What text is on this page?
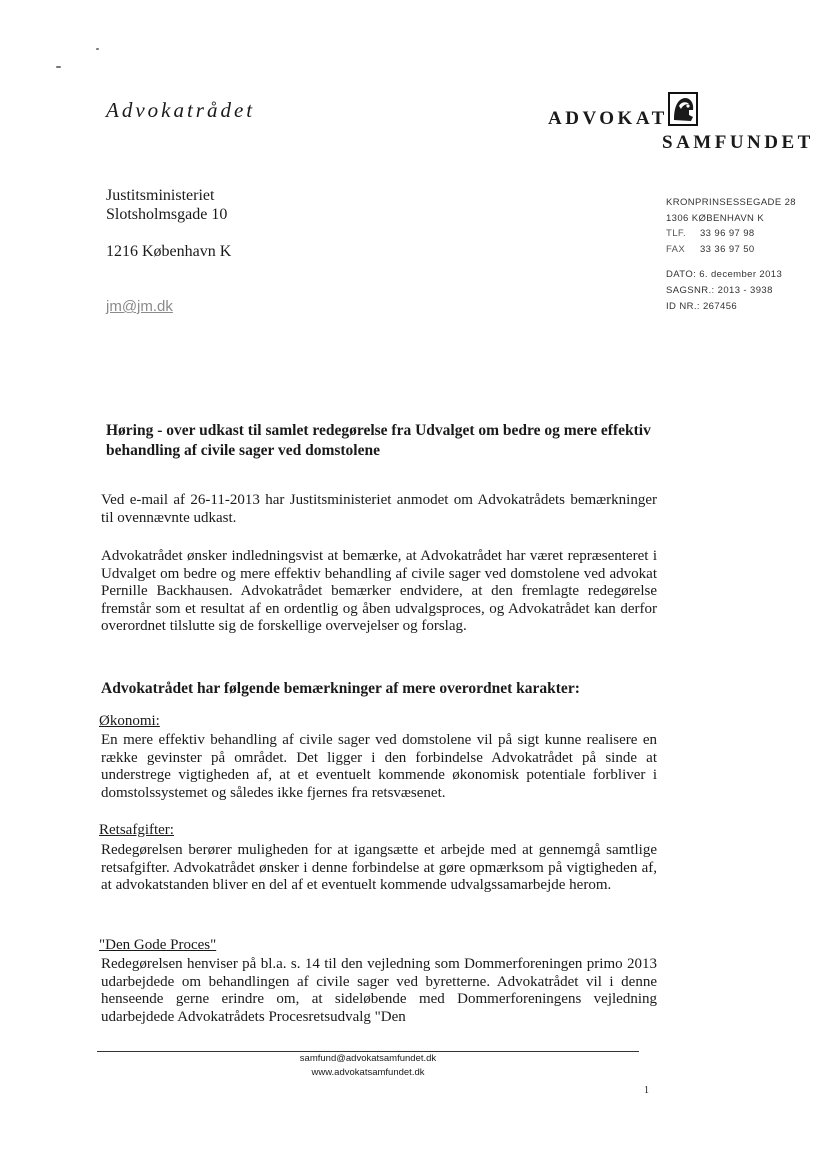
Advokatrådet	ADVOKAT
SAMFUNDET
Justitsministeriet
Slotsholmsgade 10
1216 København K
jm@jm.dk
KRONPRINSESSEGADE 28
1306 KØBENHAVN K
TLF. 33 96 97 98
FAX 33 36 97 50
DATO: 6. december 2013
SAGSNR.: 2013 - 3938
ID NR.: 267456
Høring - over udkast til samlet redegørelse fra Udvalget om bedre og mere effektiv behandling af civile sager ved domstolene
Ved e-mail af 26-11-2013 har Justitsministeriet anmodet om Advokatrådets bemærkninger til ovennævnte udkast.
Advokatrådet ønsker indledningsvist at bemærke, at Advokatrådet har været repræsenteret i Udvalget om bedre og mere effektiv behandling af civile sager ved domstolene ved advokat Pernille Backhausen. Advokatrådet bemærker endvidere, at den fremlagte redegørelse fremstår som et resultat af en ordentlig og åben udvalgsproces, og Advokatrådet kan derfor overordnet tilslutte sig de forskellige overvejelser og forslag.
Advokatrådet har følgende bemærkninger af mere overordnet karakter:
Økonomi:
En mere effektiv behandling af civile sager ved domstolene vil på sigt kunne realisere en række gevinster på området. Det ligger i den forbindelse Advokatrådet på sinde at understrege vigtigheden af, at et eventuelt kommende økonomisk potentiale forbliver i domstolssystemet og således ikke fjernes fra retsvæsenet.
Retsafgifter:
Redegørelsen berører muligheden for at igangsætte et arbejde med at gennemgå samtlige retsafgifter. Advokatrådet ønsker i denne forbindelse at gøre opmærksom på vigtigheden af, at advokatstanden bliver en del af et eventuelt kommende udvalgssamarbejde herom.
"Den Gode Proces"
Redegørelsen henviser på bl.a. s. 14 til den vejledning som Dommerforeningen primo 2013 udarbejdede om behandlingen af civile sager ved byretterne. Advokatrådet vil i denne henseende gerne erindre om, at sideløbende med Dommerforeningens vejledning udarbejdede Advokatrådets Procesretsudvalg "Den
samfund@advokatsamfundet.dk
www.advokatsamfundet.dk
1
